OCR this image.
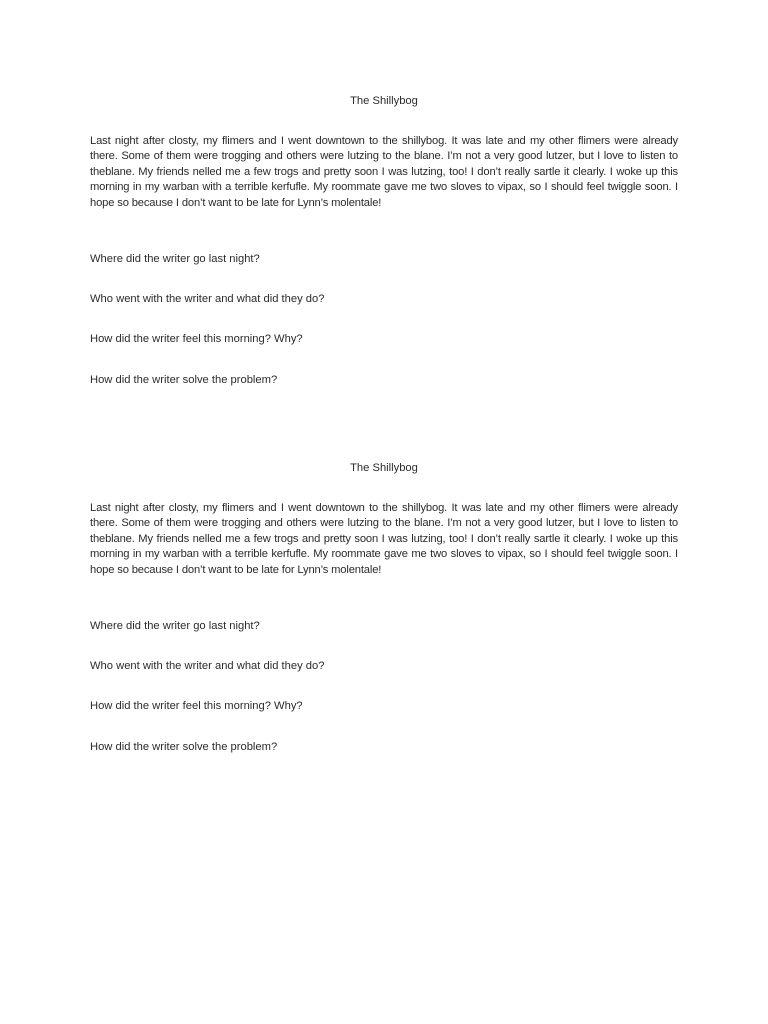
The Shillybog

Last night after closty, my flimers and I went downtown to the shillybog. It was late and my other flimers were already there. Some of them were trogging and others were lutzing to the blane. I’m not a very good lutzer, but I love to listen to theblane. My friends nelled me a few trogs and pretty soon I was lutzing, too! I don’t really sartle it clearly. I woke up this morning in my warban with a terrible kerfufle. My roommate gave me two sloves to vipax, so I should feel twiggle soon. I hope so because I don’t want to be late for Lynn’s molentale!

Where did the writer go last night?
Who went with the writer and what did they do?
How did the writer feel this morning? Why?
How did the writer solve the problem?

The Shillybog

Last night after closty, my flimers and I went downtown to the shillybog. It was late and my other flimers were already there. Some of them were trogging and others were lutzing to the blane. I’m not a very good lutzer, but I love to listen to theblane. My friends nelled me a few trogs and pretty soon I was lutzing, too! I don’t really sartle it clearly. I woke up this morning in my warban with a terrible kerfufle. My roommate gave me two sloves to vipax, so I should feel twiggle soon. I hope so because I don’t want to be late for Lynn’s molentale!

Where did the writer go last night?
Who went with the writer and what did they do?
How did the writer feel this morning? Why?
How did the writer solve the problem?
